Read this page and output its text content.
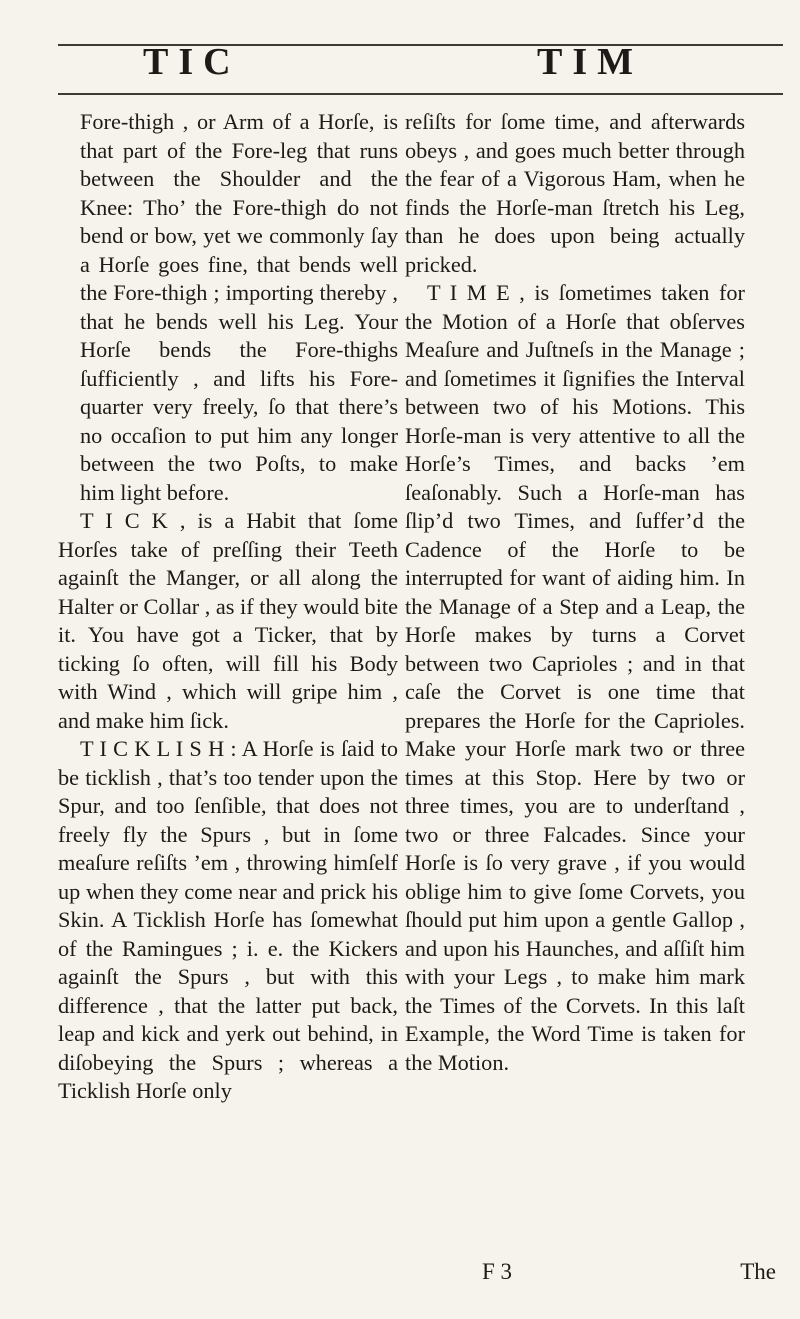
TIC	TIM

Fore-thigh , or Arm of a Horſe, is that part of the Fore-leg that runs between the Shoulder and the Knee: Tho’ the Fore-thigh do not bend or bow, yet we commonly ſay a Horſe goes fine, that bends well the Fore-thigh ; importing thereby , that he bends well his Leg. Your Horſe bends the Fore-thighs ſufficiently , and lifts his Fore-quarter very freely, ſo that there’s no occaſion to put him any longer between the two Poſts, to make him light before.

T I C K , is a Habit that ſome Horſes take of preſſing their Teeth againſt the Manger, or all along the Halter or Collar , as if they would bite it. You have got a Ticker, that by ticking ſo often, will fill his Body with Wind , which will gripe him , and make him ſick.

T I C K L I S H : A Horſe is ſaid to be ticklish , that’s too tender upon the Spur, and too ſenſible, that does not freely fly the Spurs , but in ſome meaſure reſiſts ’em , throwing himſelf up when they come near and prick his Skin. A Ticklish Horſe has ſomewhat of the Ramingues ; i. e. the Kickers againſt the Spurs , but with this difference , that the latter put back, leap and kick and yerk out behind, in diſobeying the Spurs ; whereas a Ticklish Horſe only

reſiſts for ſome time, and afterwards obeys , and goes much better through the fear of a Vigorous Ham, when he finds the Horſe-man ſtretch his Leg, than he does upon being actually pricked.

T I M E , is ſometimes taken for the Motion of a Horſe that obſerves Meaſure and Juſtneſs in the Manage ; and ſometimes it ſignifies the Interval between two of his Motions. This Horſe-man is very attentive to all the Horſe’s Times, and backs ’em ſeaſonably. Such a Horſe-man has ſlip’d two Times, and ſuffer’d the Cadence of the Horſe to be interrupted for want of aiding him. In the Manage of a Step and a Leap, the Horſe makes by turns a Corvet between two Caprioles ; and in that caſe the Corvet is one time that prepares the Horſe for the Caprioles. Make your Horſe mark two or three times at this Stop. Here by two or three times, you are to underſtand , two or three Falcades. Since your Horſe is ſo very grave , if you would oblige him to give ſome Corvets, you ſhould put him upon a gentle Gallop , and upon his Haunches, and aſſiſt him with your Legs , to make him mark the Times of the Corvets. In this laſt Example, the Word Time is taken for the Motion.

F 3	The
